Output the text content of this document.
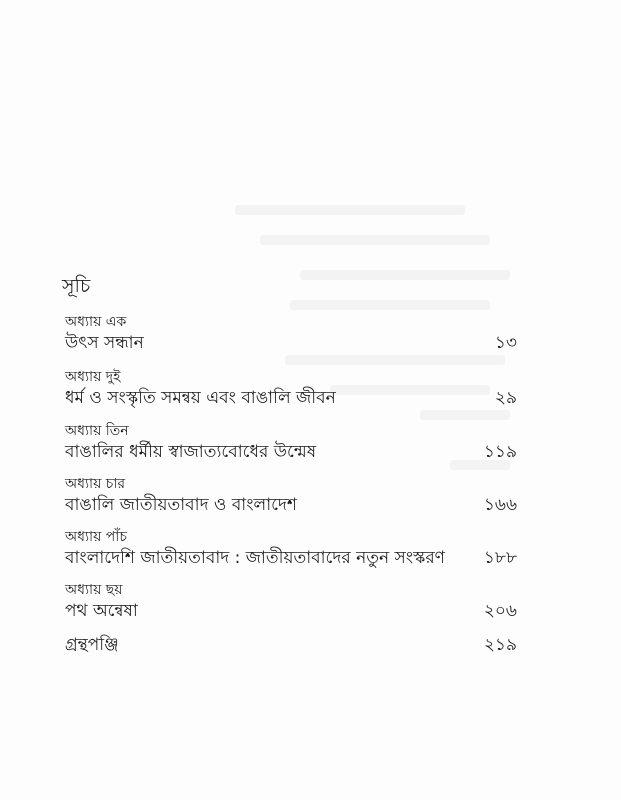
সূচি
অধ্যায় এক
উৎস সন্ধান	১৩
অধ্যায় দুই
ধর্ম ও সংস্কৃতি সমন্বয় এবং বাঙালি জীবন	২৯
অধ্যায় তিন
বাঙালির ধর্মীয় স্বাজাত্যবোধের উন্মেষ	১১৯
অধ্যায় চার
বাঙালি জাতীয়তাবাদ ও বাংলাদেশ	১৬৬
অধ্যায় পাঁচ
বাংলাদেশি জাতীয়তাবাদ : জাতীয়তাবাদের নতুন সংস্করণ ১৮৮
অধ্যায় ছয়
পথ অন্বেষা	২০৬
গ্রন্থপঞ্জি	২১৯
